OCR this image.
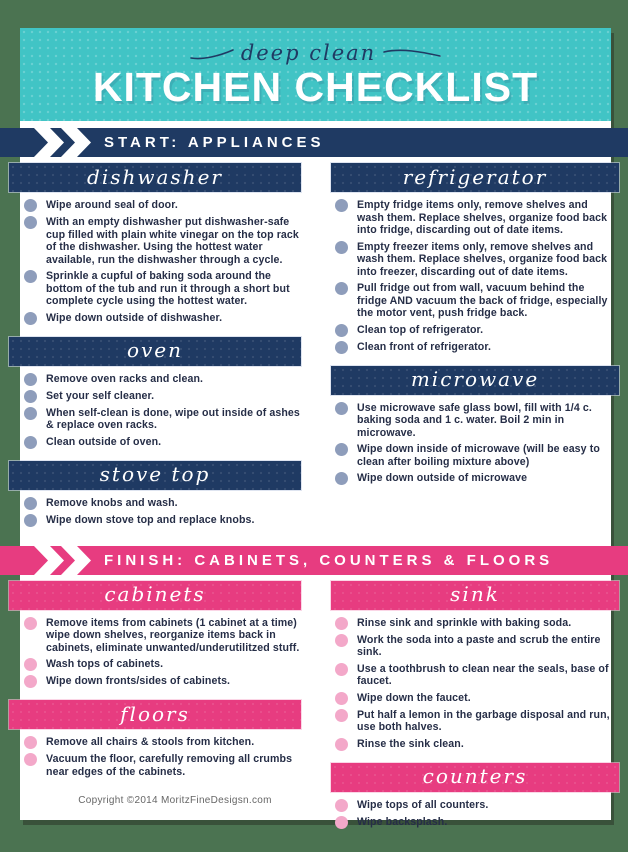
deep clean
KITCHEN CHECKLIST
START: APPLIANCES
dishwasher
Wipe around seal of door.
With an empty dishwasher put dishwasher-safe cup filled with plain white vinegar on the top rack of the dishwasher. Using the hottest water available, run the dishwasher through a cycle.
Sprinkle a cupful of baking soda around the bottom of the tub and run it through a short but complete cycle using the hottest water.
Wipe down outside of dishwasher.
oven
Remove oven racks and clean.
Set your self cleaner.
When self-clean is done, wipe out inside of ashes & replace oven racks.
Clean outside of oven.
stove top
Remove knobs and wash.
Wipe down stove top and replace knobs.
refrigerator
Empty fridge items only, remove shelves and wash them. Replace shelves, organize food back into fridge, discarding out of date items.
Empty freezer items only, remove shelves and wash them. Replace shelves, organize food back into freezer, discarding out of date items.
Pull fridge out from wall, vacuum behind the fridge AND vacuum the back of fridge, especially the motor vent, push fridge back.
Clean top of refrigerator.
Clean front of refrigerator.
microwave
Use microwave safe glass bowl, fill with 1/4 c. baking soda and 1 c. water. Boil 2 min in microwave.
Wipe down inside of microwave (will be easy to clean after boiling mixture above)
Wipe down outside of microwave
FINISH: CABINETS, COUNTERS & FLOORS
cabinets
Remove items from cabinets (1 cabinet at a time) wipe down shelves, reorganize items back in cabinets, eliminate unwanted/underutilitzed stuff.
Wash tops of cabinets.
Wipe down fronts/sides of cabinets.
floors
Remove all chairs & stools from kitchen.
Vacuum the floor, carefully removing all crumbs near edges of the cabinets.
sink
Rinse sink and sprinkle with baking soda.
Work the soda into a paste and scrub the entire sink.
Use a toothbrush to clean near the seals, base of faucet.
Wipe down the faucet.
Put half a lemon in the garbage disposal and run, use both halves.
Rinse the sink clean.
counters
Wipe tops of all counters.
Wipe backsplash.
Copyright ©2014 MoritzFineDesigsn.com
